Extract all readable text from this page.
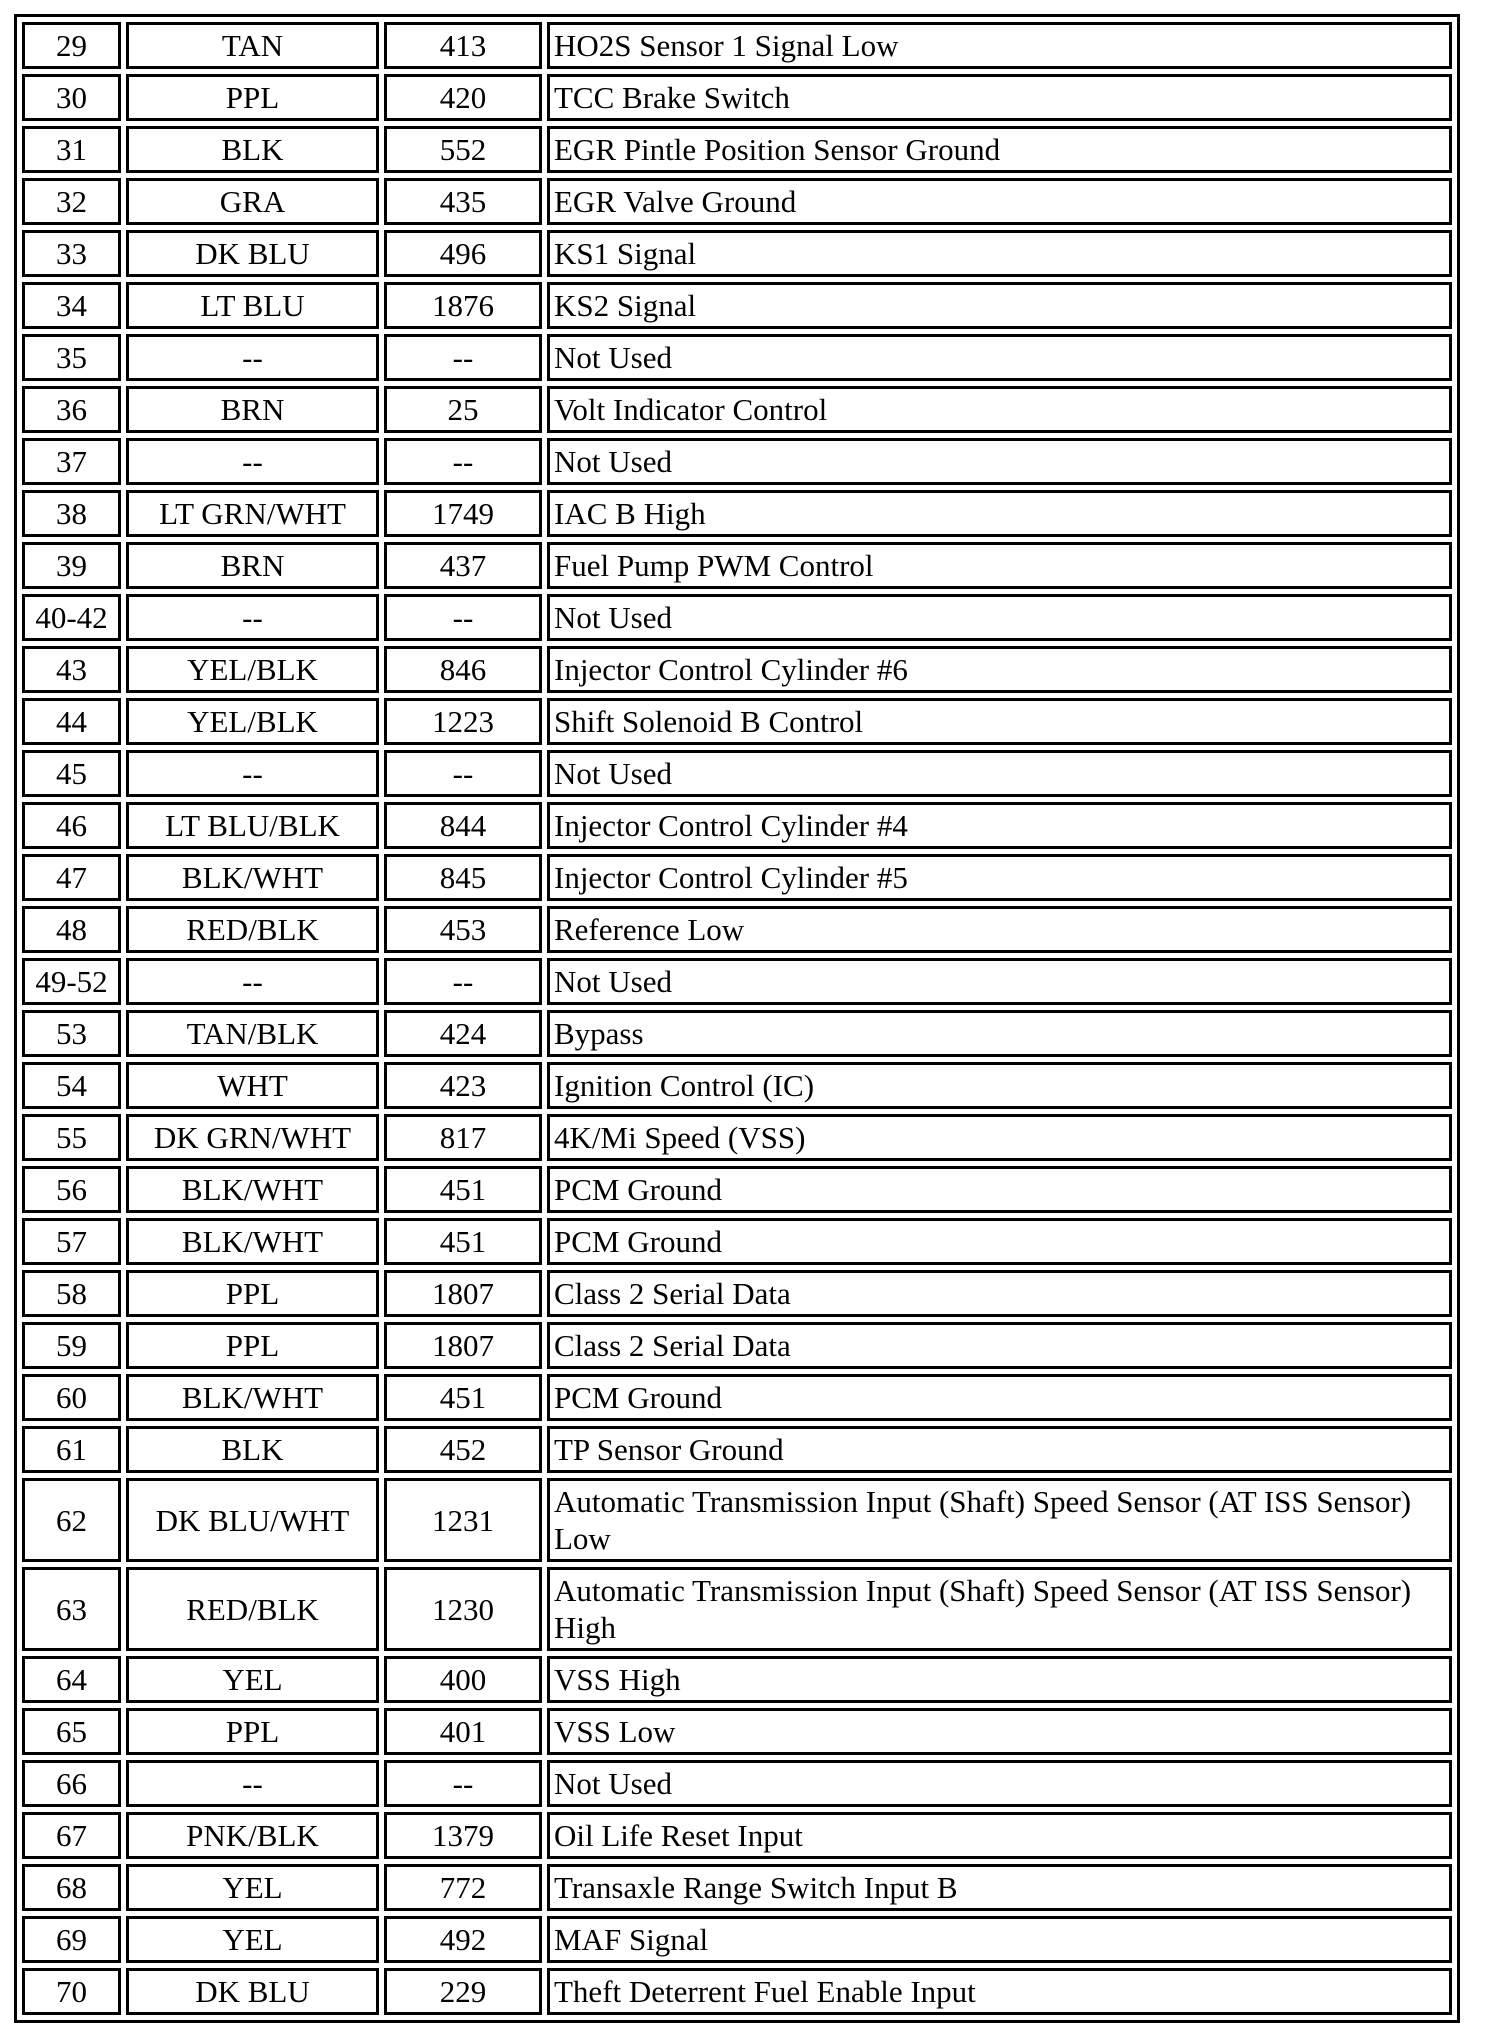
29	TAN	413	HO2S Sensor 1 Signal Low
30	PPL	420	TCC Brake Switch
31	BLK	552	EGR Pintle Position Sensor Ground
32	GRA	435	EGR Valve Ground
33	DK BLU	496	KS1 Signal
34	LT BLU	1876	KS2 Signal
35	--	--	Not Used
36	BRN	25	Volt Indicator Control
37	--	--	Not Used
38	LT GRN/WHT	1749	IAC B High
39	BRN	437	Fuel Pump PWM Control
40-42	--	--	Not Used
43	YEL/BLK	846	Injector Control Cylinder #6
44	YEL/BLK	1223	Shift Solenoid B Control
45	--	--	Not Used
46	LT BLU/BLK	844	Injector Control Cylinder #4
47	BLK/WHT	845	Injector Control Cylinder #5
48	RED/BLK	453	Reference Low
49-52	--	--	Not Used
53	TAN/BLK	424	Bypass
54	WHT	423	Ignition Control (IC)
55	DK GRN/WHT	817	4K/Mi Speed (VSS)
56	BLK/WHT	451	PCM Ground
57	BLK/WHT	451	PCM Ground
58	PPL	1807	Class 2 Serial Data
59	PPL	1807	Class 2 Serial Data
60	BLK/WHT	451	PCM Ground
61	BLK	452	TP Sensor Ground
62	DK BLU/WHT	1231	Automatic Transmission Input (Shaft) Speed Sensor (AT ISS Sensor) Low
63	RED/BLK	1230	Automatic Transmission Input (Shaft) Speed Sensor (AT ISS Sensor) High
64	YEL	400	VSS High
65	PPL	401	VSS Low
66	--	--	Not Used
67	PNK/BLK	1379	Oil Life Reset Input
68	YEL	772	Transaxle Range Switch Input B
69	YEL	492	MAF Signal
70	DK BLU	229	Theft Deterrent Fuel Enable Input
